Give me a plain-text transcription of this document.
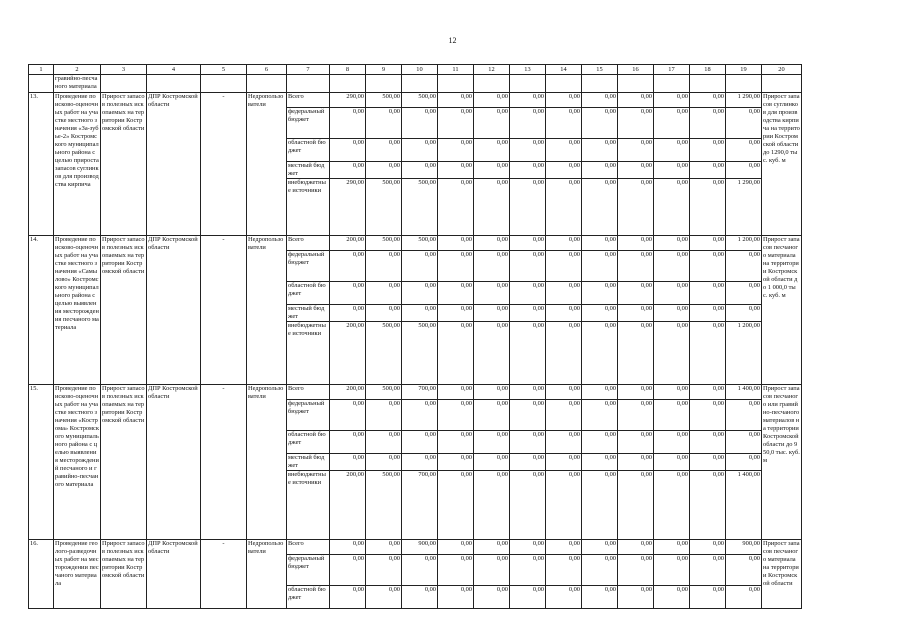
12
1	2	3	4	5	6	7	8	9	10	11	12	13	14	15	16	17	18	19	20
	гравийно-песчаного материала																		
13.	Проведение поисково-оценочных работ на участке местного значения «За-зубье-2» Костромского муниципального района с целью прироста запасов суглинков для производства кирпича	Прирост запасов полезных ископаемых на территории Костромской области	ДПР Костромской области	-	Недропользователи	Всего	290,00	500,00	500,00	0,00	0,00	0,00	0,00	0,00	0,00	0,00	0,00	1 290,00	Прирост запасов суглинков для производства кирпича на территории Костромской области до 1290,0 тыс. куб. м
						федеральный бюджет	0,00	0,00	0,00	0,00	0,00	0,00	0,00	0,00	0,00	0,00	0,00	0,00	
						областной бюджет	0,00	0,00	0,00	0,00	0,00	0,00	0,00	0,00	0,00	0,00	0,00	0,00	
						местный бюджет	0,00	0,00	0,00	0,00	0,00	0,00	0,00	0,00	0,00	0,00	0,00	0,00	
						внебюджетные источники	290,00	500,00	500,00	0,00	0,00	0,00	0,00	0,00	0,00	0,00	0,00	1 290,00	
14.	Проведение поисково-оценочных работ на участке местного значения «Самылово» Костромского муниципального района с целью выявления месторождения песчаного материала	Прирост запасов полезных ископаемых на территории Костромской области	ДПР Костромской области	-	Недропользователи	Всего	200,00	500,00	500,00	0,00	0,00	0,00	0,00	0,00	0,00	0,00	0,00	1 200,00	Прирост запасов песчаного материала на территории Костромской области до 1 000,0 тыс. куб. м
						федеральный бюджет	0,00	0,00	0,00	0,00	0,00	0,00	0,00	0,00	0,00	0,00	0,00	0,00	
						областной бюджет	0,00	0,00	0,00	0,00	0,00	0,00	0,00	0,00	0,00	0,00	0,00	0,00	
						местный бюджет	0,00	0,00	0,00	0,00	0,00	0,00	0,00	0,00	0,00	0,00	0,00	0,00	
						внебюджетные источники	200,00	500,00	500,00	0,00	0,00	0,00	0,00	0,00	0,00	0,00	0,00	1 200,00	
15.	Проведение поисково-оценочных работ на участке местного значения «Кострома» Костромского муниципального района с целью выявления месторождений песчаного и гравийно-песчаного материала	Прирост запасов полезных ископаемых на территории Костромской области	ДПР Костромской области	-	Недропользователи	Всего	200,00	500,00	700,00	0,00	0,00	0,00	0,00	0,00	0,00	0,00	0,00	1 400,00	Прирост запасов песчаного или гравийно-песчаного материалов на территории Костромской области до 950,0 тыс. куб. м
						федеральный бюджет	0,00	0,00	0,00	0,00	0,00	0,00	0,00	0,00	0,00	0,00	0,00	0,00	
						областной бюджет	0,00	0,00	0,00	0,00	0,00	0,00	0,00	0,00	0,00	0,00	0,00	0,00	
						местный бюджет	0,00	0,00	0,00	0,00	0,00	0,00	0,00	0,00	0,00	0,00	0,00	0,00	
						внебюджетные источники	200,00	500,00	700,00	0,00	0,00	0,00	0,00	0,00	0,00	0,00	0,00	1 400,00	
16.	Проведение геолого-разведочных работ на месторождении песчаного материала	Прирост запасов полезных ископаемых на территории Костромской области	ДПР Костромской области	-	Недропользователи	Всего	0,00	0,00	900,00	0,00	0,00	0,00	0,00	0,00	0,00	0,00	0,00	900,00	Прирост запасов песчаного материала на территории Костромской области
						федеральный бюджет	0,00	0,00	0,00	0,00	0,00	0,00	0,00	0,00	0,00	0,00	0,00	0,00	
						областной бюджет	0,00	0,00	0,00	0,00	0,00	0,00	0,00	0,00	0,00	0,00	0,00	0,00	
